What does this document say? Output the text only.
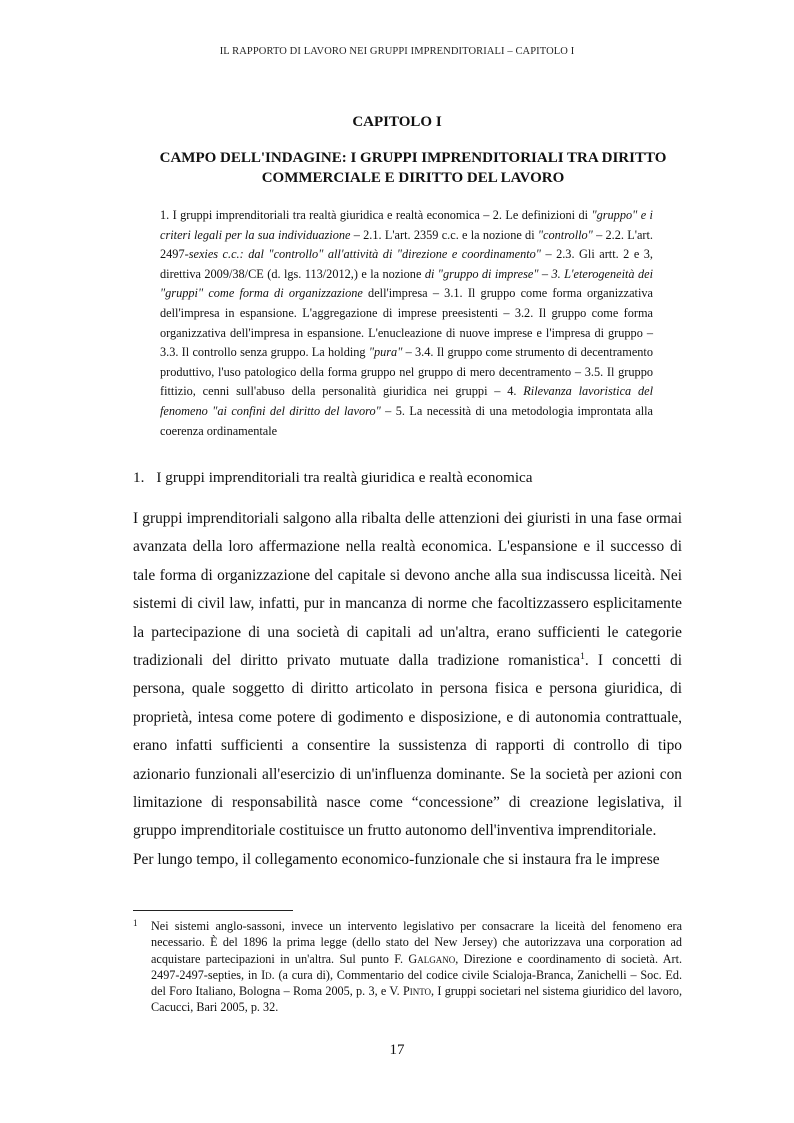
IL RAPPORTO DI LAVORO NEI GRUPPI IMPRENDITORIALI – CAPITOLO I
CAPITOLO I
CAMPO DELL'INDAGINE: I GRUPPI IMPRENDITORIALI TRA DIRITTO COMMERCIALE E DIRITTO DEL LAVORO
1. I gruppi imprenditoriali tra realtà giuridica e realtà economica – 2. Le definizioni di "gruppo" e i criteri legali per la sua individuazione – 2.1. L'art. 2359 c.c. e la nozione di "controllo" – 2.2. L'art. 2497-sexies c.c.: dal "controllo" all'attività di "direzione e coordinamento" – 2.3. Gli artt. 2 e 3, direttiva 2009/38/CE (d. lgs. 113/2012,) e la nozione di "gruppo di imprese" – 3. L'eterogeneità dei "gruppi" come forma di organizzazione dell'impresa – 3.1. Il gruppo come forma organizzativa dell'impresa in espansione. L'aggregazione di imprese preesistenti – 3.2. Il gruppo come forma organizzativa dell'impresa in espansione. L'enucleazione di nuove imprese e l'impresa di gruppo – 3.3. Il controllo senza gruppo. La holding "pura" – 3.4. Il gruppo come strumento di decentramento produttivo, l'uso patologico della forma gruppo nel gruppo di mero decentramento – 3.5. Il gruppo fittizio, cenni sull'abuso della personalità giuridica nei gruppi – 4. Rilevanza lavoristica del fenomeno "ai confini del diritto del lavoro" – 5. La necessità di una metodologia improntata alla coerenza ordinamentale
1. I gruppi imprenditoriali tra realtà giuridica e realtà economica

I gruppi imprenditoriali salgono alla ribalta delle attenzioni dei giuristi in una fase ormai avanzata della loro affermazione nella realtà economica. L'espansione e il successo di tale forma di organizzazione del capitale si devono anche alla sua indiscussa liceità. Nei sistemi di civil law, infatti, pur in mancanza di norme che facoltizzassero esplicitamente la partecipazione di una società di capitali ad un'altra, erano sufficienti le categorie tradizionali del diritto privato mutuate dalla tradizione romanistica$^1$. I concetti di persona, quale soggetto di diritto articolato in persona fisica e persona giuridica, di proprietà, intesa come potere di godimento e disposizione, e di autonomia contrattuale, erano infatti sufficienti a consentire la sussistenza di rapporti di controllo di tipo azionario funzionali all'esercizio di un'influenza dominante. Se la società per azioni con limitazione di responsabilità nasce come “concessione” di creazione legislativa, il gruppo imprenditoriale costituisce un frutto autonomo dell'inventiva imprenditoriale.

Per lungo tempo, il collegamento economico-funzionale che si instaura fra le imprese

1 Nei sistemi anglo-sassoni, invece un intervento legislativo per consacrare la liceità del fenomeno era necessario. È del 1896 la prima legge (dello stato del New Jersey) che autorizzava una corporation ad acquistare partecipazioni in un'altra. Sul punto F. Galgano, Direzione e coordinamento di società. Art. 2497-2497-septies, in Id. (a cura di), Commentario del codice civile Scialoja-Branca, Zanichelli – Soc. Ed. del Foro Italiano, Bologna – Roma 2005, p. 3, e V. Pinto, I gruppi societari nel sistema giuridico del lavoro, Cacucci, Bari 2005, p. 32.
17
